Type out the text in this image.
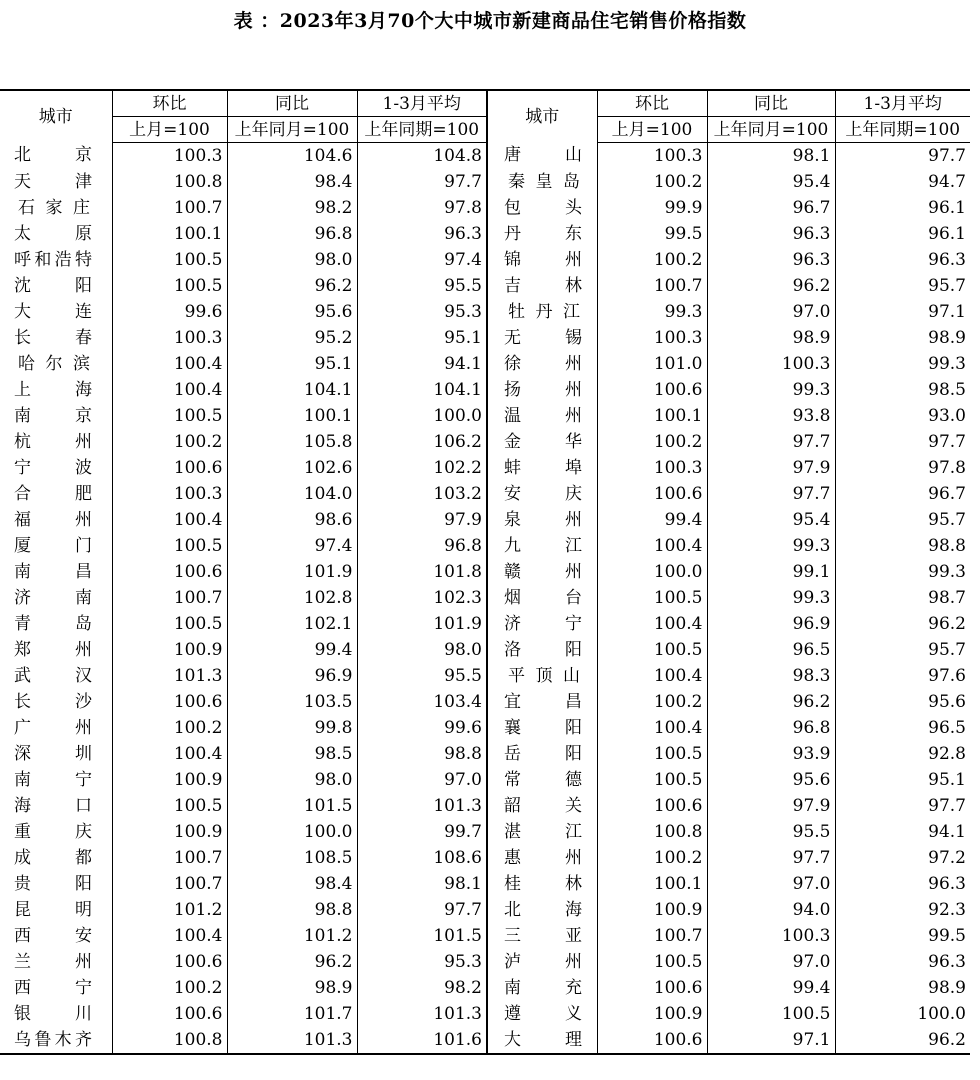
表 ：2023年3月70个大中城市新建商品住宅销售价格指数
城市	环比	同比	1-3月平均	城市	环比	同比	1-3月平均
	上月=100	上年同月=100	上年同期=100		上月=100	上年同月=100	上年同期=100
北京	100.3	104.6	104.8	唐山	100.3	98.1	97.7
天津	100.8	98.4	97.7	秦皇岛	100.2	95.4	94.7
石家庄	100.7	98.2	97.8	包头	99.9	96.7	96.1
太原	100.1	96.8	96.3	丹东	99.5	96.3	96.1
呼和浩特	100.5	98.0	97.4	锦州	100.2	96.3	96.3
沈阳	100.5	96.2	95.5	吉林	100.7	96.2	95.7
大连	99.6	95.6	95.3	牡丹江	99.3	97.0	97.1
长春	100.3	95.2	95.1	无锡	100.3	98.9	98.9
哈尔滨	100.4	95.1	94.1	徐州	101.0	100.3	99.3
上海	100.4	104.1	104.1	扬州	100.6	99.3	98.5
南京	100.5	100.1	100.0	温州	100.1	93.8	93.0
杭州	100.2	105.8	106.2	金华	100.2	97.7	97.7
宁波	100.6	102.6	102.2	蚌埠	100.3	97.9	97.8
合肥	100.3	104.0	103.2	安庆	100.6	97.7	96.7
福州	100.4	98.6	97.9	泉州	99.4	95.4	95.7
厦门	100.5	97.4	96.8	九江	100.4	99.3	98.8
南昌	100.6	101.9	101.8	赣州	100.0	99.1	99.3
济南	100.7	102.8	102.3	烟台	100.5	99.3	98.7
青岛	100.5	102.1	101.9	济宁	100.4	96.9	96.2
郑州	100.9	99.4	98.0	洛阳	100.5	96.5	95.7
武汉	101.3	96.9	95.5	平顶山	100.4	98.3	97.6
长沙	100.6	103.5	103.4	宜昌	100.2	96.2	95.6
广州	100.2	99.8	99.6	襄阳	100.4	96.8	96.5
深圳	100.4	98.5	98.8	岳阳	100.5	93.9	92.8
南宁	100.9	98.0	97.0	常德	100.5	95.6	95.1
海口	100.5	101.5	101.3	韶关	100.6	97.9	97.7
重庆	100.9	100.0	99.7	湛江	100.8	95.5	94.1
成都	100.7	108.5	108.6	惠州	100.2	97.7	97.2
贵阳	100.7	98.4	98.1	桂林	100.1	97.0	96.3
昆明	101.2	98.8	97.7	北海	100.9	94.0	92.3
西安	100.4	101.2	101.5	三亚	100.7	100.3	99.5
兰州	100.6	96.2	95.3	泸州	100.5	97.0	96.3
西宁	100.2	98.9	98.2	南充	100.6	99.4	98.9
银川	100.6	101.7	101.3	遵义	100.9	100.5	100.0
乌鲁木齐	100.8	101.3	101.6	大理	100.6	97.1	96.2
